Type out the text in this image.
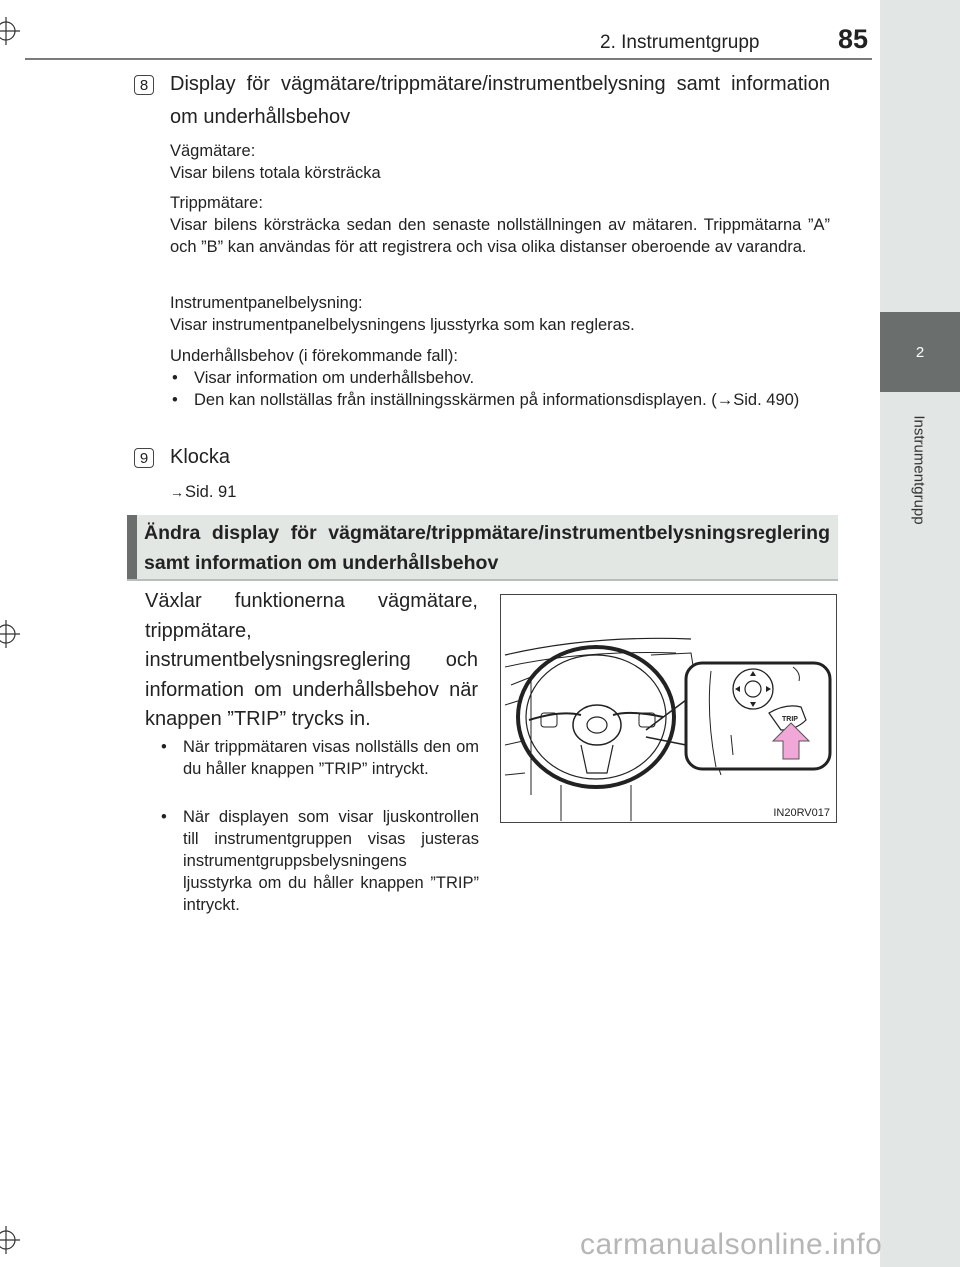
2. Instrumentgrupp	85
2
Instrumentgrupp
8 Display för vägmätare/trippmätare/instrumentbelysning samt information om underhållsbehov
Vägmätare:
Visar bilens totala körsträcka
Trippmätare:
Visar bilens körsträcka sedan den senaste nollställningen av mätaren. Trippmätarna ”A” och ”B” kan användas för att registrera och visa olika distanser oberoende av varandra.
Instrumentpanelbelysning:
Visar instrumentpanelbelysningens ljusstyrka som kan regleras.
Underhållsbehov (i förekommande fall):
• Visar information om underhållsbehov.
• Den kan nollställas från inställningsskärmen på informationsdisplayen. (→Sid. 490)
9 Klocka
→Sid. 91
Ändra display för vägmätare/trippmätare/instrumentbelysningsreglering samt information om underhållsbehov
Växlar funktionerna vägmätare, trippmätare, instrumentbelysningsreglering och information om underhållsbehov när knappen ”TRIP” trycks in.
• När trippmätaren visas nollställs den om du håller knappen ”TRIP” intryckt.
• När displayen som visar ljuskontrollen till instrumentgruppen visas justeras instrumentgruppsbelysningens ljusstyrka om du håller knappen ”TRIP” intryckt.
TRIP
IN20RV017
carmanualsonline.info
